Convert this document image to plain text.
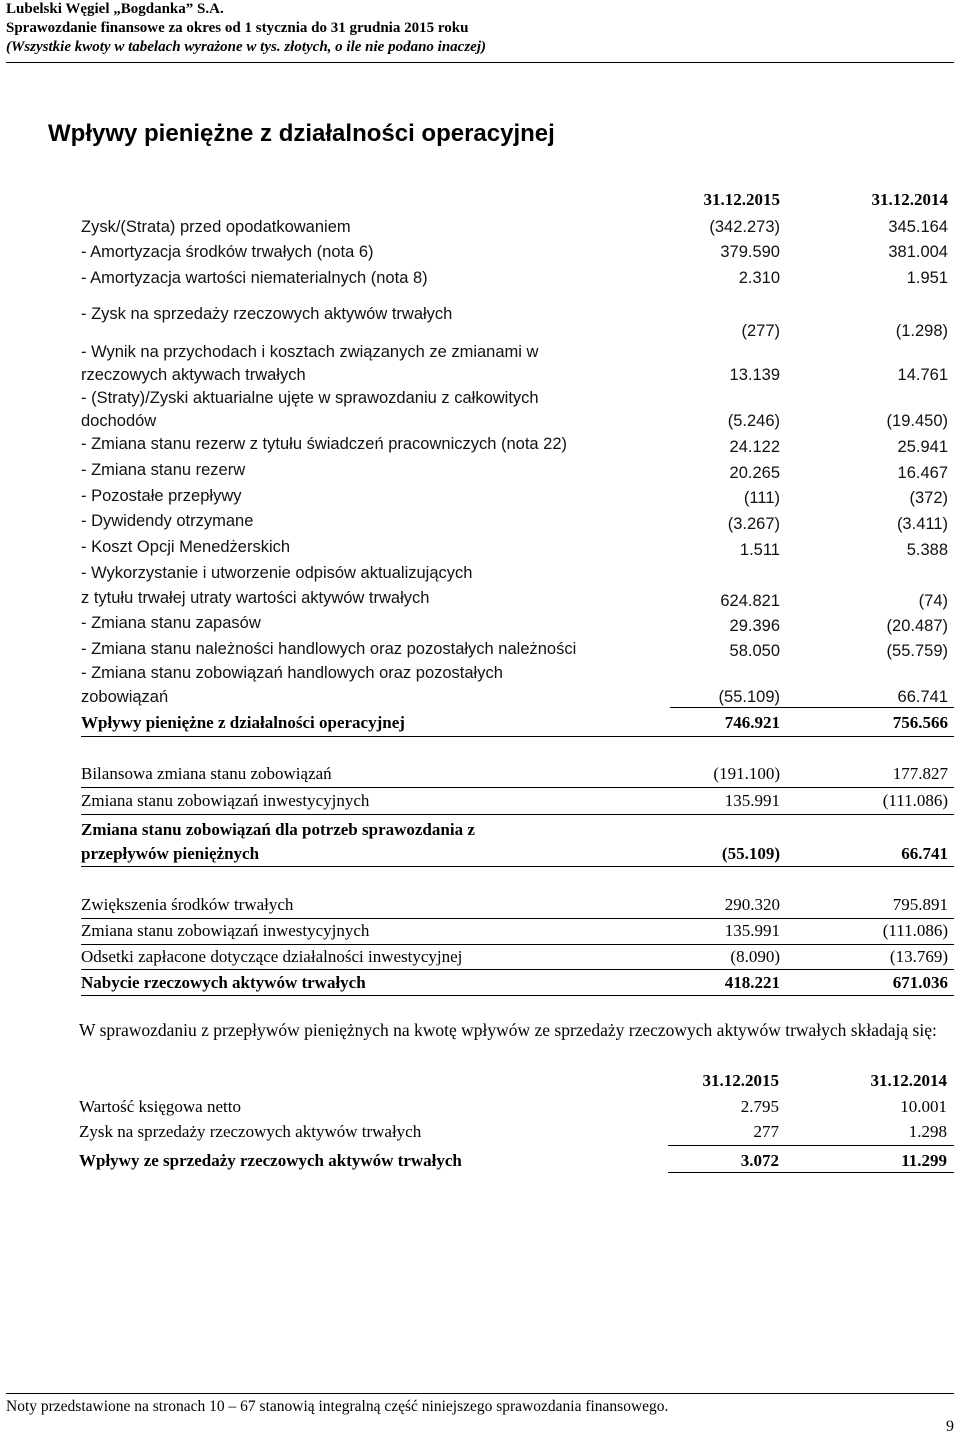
Lubelski Węgiel „Bogdanka” S.A.
Sprawozdanie finansowe za okres od 1 stycznia do 31 grudnia 2015 roku
(Wszystkie kwoty w tabelach wyrażone w tys. złotych, o ile nie podano inaczej)
Wpływy pieniężne z działalności operacyjnej
31.12.2015	31.12.2014
Zysk/(Strata) przed opodatkowaniem	(342.273)	345.164
- Amortyzacja środków trwałych (nota 6)	379.590	381.004
- Amortyzacja wartości niematerialnych (nota 8)	2.310	1.951
- Zysk na sprzedaży rzeczowych aktywów trwałych
(277)	(1.298)
- Wynik na przychodach i kosztach związanych ze zmianami w
rzeczowych aktywach trwałych	13.139	14.761
- (Straty)/Zyski aktuarialne ujęte w sprawozdaniu z całkowitych
dochodów	(5.246)	(19.450)
- Zmiana stanu rezerw z tytułu świadczeń pracowniczych (nota 22)	24.122	25.941
- Zmiana stanu rezerw	20.265	16.467
- Pozostałe przepływy	(111)	(372)
- Dywidendy otrzymane	(3.267)	(3.411)
- Koszt Opcji Menedżerskich	1.511	5.388
- Wykorzystanie i utworzenie odpisów aktualizujących
z tytułu trwałej utraty wartości aktywów trwałych	624.821	(74)
- Zmiana stanu zapasów	29.396	(20.487)
- Zmiana stanu należności handlowych oraz pozostałych należności	58.050	(55.759)
- Zmiana stanu zobowiązań handlowych oraz pozostałych
zobowiązań	(55.109)	66.741
Wpływy pieniężne z działalności operacyjnej	746.921	756.566
Bilansowa zmiana stanu zobowiązań	(191.100)	177.827
Zmiana stanu zobowiązań inwestycyjnych	135.991	(111.086)
Zmiana stanu zobowiązań dla potrzeb sprawozdania z
przepływów pieniężnych	(55.109)	66.741
Zwiększenia środków trwałych	290.320	795.891
Zmiana stanu zobowiązań inwestycyjnych	135.991	(111.086)
Odsetki zapłacone dotyczące działalności inwestycyjnej	(8.090)	(13.769)
Nabycie rzeczowych aktywów trwałych	418.221	671.036
W sprawozdaniu z przepływów pieniężnych na kwotę wpływów ze sprzedaży rzeczowych aktywów trwałych składają się:
31.12.2015	31.12.2014
Wartość księgowa netto	2.795	10.001
Zysk na sprzedaży rzeczowych aktywów trwałych	277	1.298
Wpływy ze sprzedaży rzeczowych aktywów trwałych	3.072	11.299
Noty przedstawione na stronach 10 – 67 stanowią integralną część niniejszego sprawozdania finansowego.
9
